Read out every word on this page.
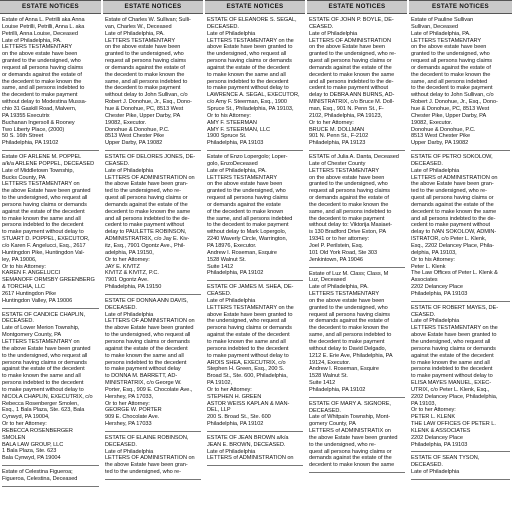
ESTATE NOTICES
Estate of Anna L. Petrilli aka Anna
Louise Petrilli, Petrilli, Anna L. aka
Petrilli, Anna Louise, Deceased
Late of Philadelphia, PA.
LETTERS TESTAMENTARY
on the above estate have been
granted to the undersigned, who
request all persons having claims
or demands against the estate of
the decedent to make known the
same, and all persons indebted to
the decedent to make payment
without delay to Modestina Mussa-
chio 31 Gaskill Road, Malvern,
PA 19355 Executrix
Buchanan Ingersoll & Rooney
Two Liberty Place, (2000)
50 S. 16th Street
Philadelphia, PA 19102
Estate OF ARLENE M. POPPEL
a/k/a ARLENE POPPEL, DECEASED
Late of Middletown Township,
Bucks County, PA
LETTERS TESTAMENTARY on
the above Estate have been granted
to the undersigned, who request all
persons having claims or demands
against the estate of the decedent
to make known the same and all
persons indebted to the decedent
to make payment without delay to
STUART D. POPPEL, EXECUTOR,
c/o Karen F. Angelucci, Esq., 2617
Huntingdon Pike, Huntingdon Val-
ley, PA 19006,
Or to his Attorney:
KAREN F. ANGELUCCI
SEMANOFF ORMSBY GREENBERG
& TORCHIA, LLC
2617 Huntingdon Pike
Huntingdon Valley, PA 19006
ESTATE OF CANDICE CHAPLIN,
DECEASED.
Late of Lower Merion Township,
Montgomery County, PA
LETTERS TESTAMENTARY on
the above Estate have been granted
to the undersigned, who request all
persons having claims or demands
against the estate of the decedent
to make known the same and all
persons indebted to the decedent
to make payment without delay to
NICOLA CHAPLIN, EXECUTRIX, c/o
Rebecca Rosenberger Smolen,
Esq., 1 Bala Plaza, Ste. 623, Bala
Cynwyd, PA 19004,
Or to her Attorney:
REBECCA ROSENBERGER
SMOLEN
BALA LAW GROUP, LLC
1 Bala Plaza, Ste. 623
Bala Cynwyd, PA 19004
Estate of Celestina Figueroa;
Figueroa, Celestina, Deceased
ESTATE NOTICES
Estate of Charles W. Sullivan; Sulli-
van, Charles W., Deceased
Late of Philadelphia, PA.
LETTERS TESTAMENTARY
on the above estate have been
granted to the undersigned, who
request all persons having claims
or demands against the estate of
the decedent to make known the
same, and all persons indebted to
the decedent to make payment
without delay to John Sullivan, c/o
Robert J. Donohue, Jr., Esq., Dono-
hue & Donohue, PC, 8513 West
Chester Pike, Upper Darby, PA
19082, Executor.
Donohue & Donohue, P.C.
8513 West Chester Pike
Upper Darby, PA 19082
ESTATE OF DELORES JONES, DE-
CEASED.
Late of Philadelphia
LETTERS OF ADMINISTRATION on
the above Estate have been gran-
ted to the undersigned, who re-
quest all persons having claims or
demands against the estate of the
decedent to make known the same
and all persons indebted to the de-
cedent to make payment without
delay to PAULETTE ROBINSON,
ADMINISTRATRIX, c/o Jay E. Kiv-
itz, Esq., 7901 Ogontz Ave., Phil-
adelphia, PA 19150,
Or to her Attorney:
JAY E. KIVITZ
KIVITZ & KIVITZ, P.C.
7901 Ogontz Ave.
Philadelphia, PA 19150
ESTATE OF DONNA ANN DAVIS,
DECEASED.
Late of Philadelphia
LETTERS OF ADMINISTRATION on
the above Estate have been granted
to the undersigned, who request all
persons having claims or demands
against the estate of the decedent
to make known the same and all
persons indebted to the decedent
to make payment without delay
to DONNA M. BARRETT, AD-
MINISTRATRIX, c/o George W.
Porter, Esq., 909 E. Chocolate Ave.,
Hershey, PA 17033,
Or to her Attorney:
GEORGE W. PORTER
909 E. Chocolate Ave.
Hershey, PA 17033
ESTATE OF ELAINE ROBINSON,
DECEASED.
Late of Philadelphia
LETTERS OF ADMINISTRATION on
the above Estate have been gran-
ted to the undersigned, who re-
ESTATE NOTICES
ESTATE OF ELEANORE S. SEGAL,
DECEASED.
Late of Philadelphia
LETTERS TESTAMENTARY on the
above Estate have been granted to
the undersigned, who request all
persons having claims or demands
against the estate of the decedent
to make known the same and all
persons indebted to the decedent
to make payment without delay to
LAWRENCE A. SEGAL, EXECUTOR,
c/o Amy F. Steerman, Esq., 1900
Spruce St., Philadelphia, PA 19103,
Or to his Attorney:
AMY F. STEERMAN
AMY F. STEERMAN, LLC
1900 Spruce St.
Philadelphia, PA 19103
Estate of Enzo Lopergolo; Loper-
golo, EnzoDeceased
Late of Philadelphia, PA.
LETTERS TESTAMENTARY
on the above estate have been
granted to the undersigned, who
request all persons having claims
or demands against the estate
of the decedent to make known
the same, and all persons indebted
to the decedent to make payment
without delay to Mark Lopergolo,
2240 Waverly Circle, Warrington,
PA 18976, Executor.
Andrew I. Roseman, Esquire
1528 Walnut St.
Suite 1412
Philadelphia, PA 19102
ESTATE OF JAMES M. SHEA, DE-
CEASED.
Late of Philadelphia
LETTERS TESTAMENTARY on the
above Estate have been granted to
the undersigned, who request all
persons having claims or demands
against the estate of the decedent
to make known the same and all
persons indebted to the decedent
to make payment without delay to
AROIS SHEA, EXECUTRIX, c/o
Stephen H. Green, Esq., 200 S.
Broad St., Ste. 600, Philadelphia,
PA 19102,
Or to her Attorney:
STEPHEN H. GREEN
ASTOR WEISS KAPLAN & MAN-
DEL, LLP
200 S. Broad St., Ste. 600
Philadelphia, PA 19102
ESTATE OF JEAN BROWN a/k/a
JEAN E. BROWN, DECEASED.
Late of Philadelphia
LETTERS of ADMINISTRATION on
ESTATE NOTICES
ESTATE OF JOHN P. BOYLE, DE-
CEASED.
Late of Philadelphia
LETTERS OF ADMINISTRATION
on the above Estate have been
granted to the undersigned, who re-
quest all persons having claims or
demands against the estate of the
decedent to make known the same
and all persons indebted to the de-
cedent to make payment without
delay to DEBRA ANN BURNS, AD-
MINISTRATRIX, c/o Bruce M. Doll-
man, Esq., 901 N. Penn St., F-
2102, Philadelphia, PA 19123,
Or to her Attorney:
BRUCE M. DOLLMAN
901 N. Penn St., F-2102
Philadelphia, PA 19123
ESTATE of Julia A. Danta, Deceased
Late of Chester County
LETTERS TESTAMENTARY
on the above estate have been
granted to the undersigned, who
request all persons having claims
or demands against the estate of
the decedent to make known the
same, and all persons indebted to
the decedent to make payment
without delay to: Viktorija Masiaet-
is 130 Bradford Drive Exton, PA
19341 or to her attorney:
Joel P. Perilstein, Esq.
101 Old York Road, Ste 303
Jenkintown, PA 19046
Estate of Luz M. Class; Class, M
Luz, Deceased
Late of Philadelphia, PA.
LETTERS TESTAMENTARY
on the above estate have been
granted to the undersigned, who
request all persons having claims
or demands against the estate of
the decedent to make known the
same, and all persons indebted to
the decedent to make payment
without delay to David Delgado,
1212 E. Erie Ave, Philadelphia, PA
19124, Executor.
Andrew I. Roseman, Esquire
1528 Walnut St.
Suite 1412
Philadelphia, PA 19102
ESTATE OF MARY A. SIGNORE,
DECEASED.
Late of Whitpain Township, Mont-
gomery County, PA
LETTERS of ADMINISTRATIX on
the above Estate have been granted
to the undersigned, who re-
quest all persons having claims or
demands against the estate of the
decedent to make known the same
ESTATE NOTICES
Estate of Pauline Sullivan
Sullivan, Deceased
Late of Philadelphia, PA.
LETTERS TESTAMENTARY
on the above estate have been
granted to the undersigned, who
request all persons having claims
or demands against the estate of
the decedent to make known the
same, and all persons indebted
to the decedent to make payment
without delay to John Sullivan, c/o
Robert J. Donohue, Jr., Esq., Dono-
hue & Donohue, PC, 8513 West
Chester Pike, Upper Darby, PA
19082, Executor.
Donohue & Donohue, P.C.
8513 West Chester Pike
Upper Darby, PA 19082
ESTATE OF PETRO SOKOLOW,
DECEASED.
Late of Philadelphia
LETTERS of ADMINISTRATION on
the above Estate have been gran-
ted to the undersigned, who re-
quest all persons having claims or
demands against the estate of the
decedent to make known the same
and all persons indebted to the de-
cedent to make payment without
delay to IVAN SOKOLOW, ADMIN-
ISTRATOR, c/o Peter L. Klenk,
Esq., 2202 Delancey Place, Phila-
delphia, PA 19103,
Or to his Attorney:
Peter L. Klenk
The Law Offices of Peter L. Klenk &
Associates
2202 Delancey Place
Philadelphia, PA 19103
ESTATE OF ROBERT MAYES, DE-
CEASED.
Late of Philadelphia
LETTERS TESTAMENTARY on the
above Estate have been granted to
the undersigned, who request all
persons having claims or demands
against the estate of the decedent
to make known the same and all
persons indebted to the decedent
to make payment without delay to
ELISA MAYES MANUEL, EXEC-
UTRIX, c/o Peter L. Klenk, Esq.,
2202 Delancey Place, Philadelphia,
PA 19103,
Or to her Attorney:
PETER L. KLENK
THE LAW OFFICES OF PETER L.
KLENK & ASSOCIATES
2202 Delancey Place
Philadelphia, PA 19103
ESTATE OF SEAN TYSON,
DECEASED.
Late of Philadelphia
